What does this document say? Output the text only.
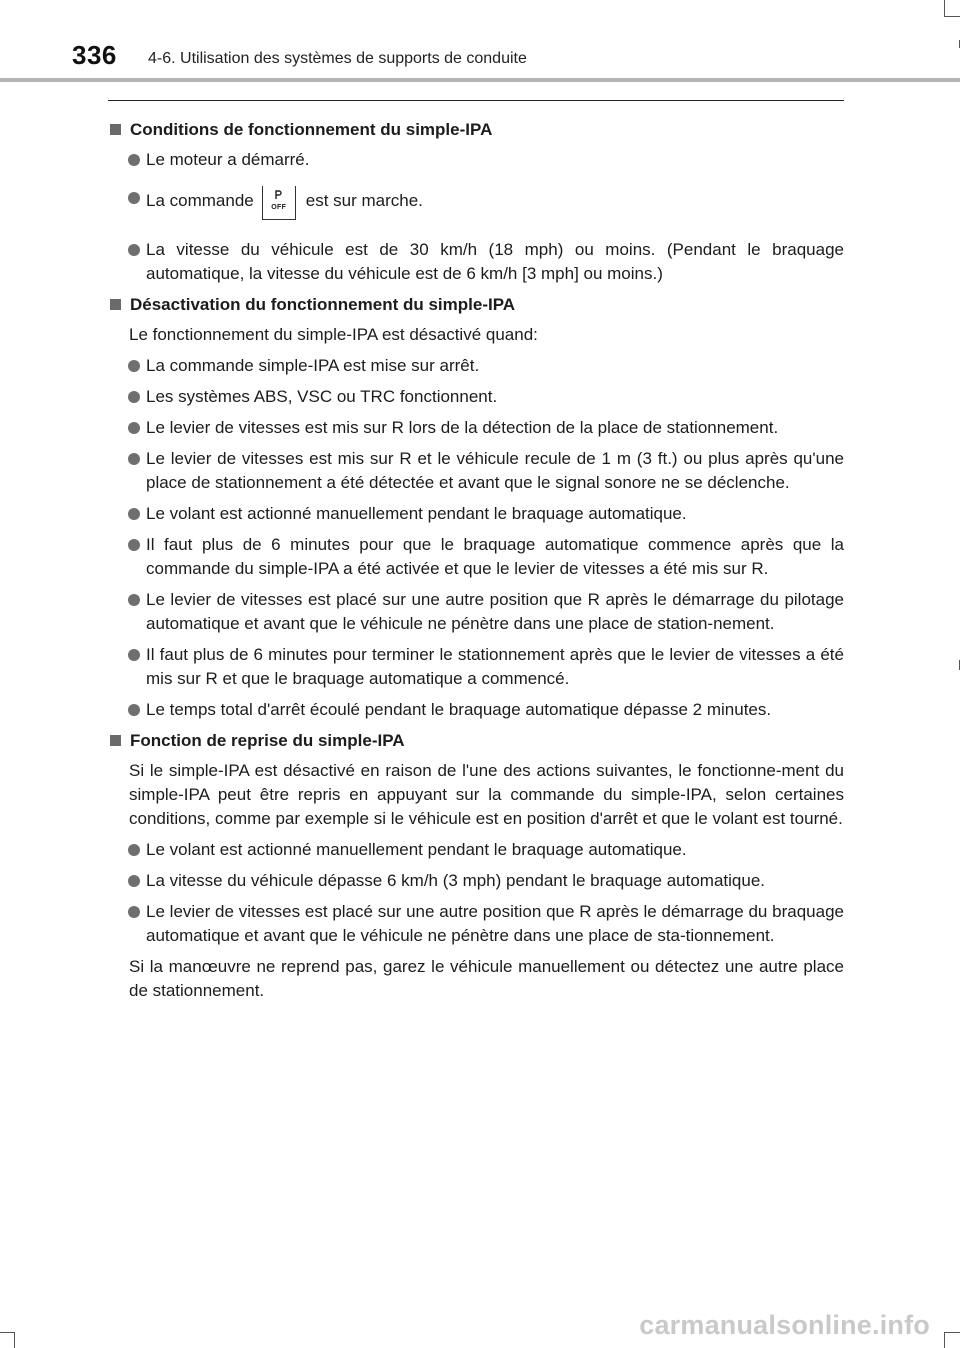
336 4-6. Utilisation des systèmes de supports de conduite
Conditions de fonctionnement du simple-IPA
Le moteur a démarré.
La commande	OFF	est sur marche.
La vitesse du véhicule est de 30 km/h (18 mph) ou moins. (Pendant le braquage automatique, la vitesse du véhicule est de 6 km/h [3 mph] ou moins.)
Désactivation du fonctionnement du simple-IPA
Le fonctionnement du simple-IPA est désactivé quand:
La commande simple-IPA est mise sur arrêt.
Les systèmes ABS, VSC ou TRC fonctionnent.
Le levier de vitesses est mis sur R lors de la détection de la place de stationnement.
Le levier de vitesses est mis sur R et le véhicule recule de 1 m (3 ft.) ou plus après qu'une place de stationnement a été détectée et avant que le signal sonore ne se déclenche.
Le volant est actionné manuellement pendant le braquage automatique.
Il faut plus de 6 minutes pour que le braquage automatique commence après que la commande du simple-IPA a été activée et que le levier de vitesses a été mis sur R.
Le levier de vitesses est placé sur une autre position que R après le démarrage du pilotage automatique et avant que le véhicule ne pénètre dans une place de station-nement.
Il faut plus de 6 minutes pour terminer le stationnement après que le levier de vitesses a été mis sur R et que le braquage automatique a commencé.
Le temps total d'arrêt écoulé pendant le braquage automatique dépasse 2 minutes.
Fonction de reprise du simple-IPA
Si le simple-IPA est désactivé en raison de l'une des actions suivantes, le fonctionne-ment du simple-IPA peut être repris en appuyant sur la commande du simple-IPA, selon certaines conditions, comme par exemple si le véhicule est en position d'arrêt et que le volant est tourné.
Le volant est actionné manuellement pendant le braquage automatique.
La vitesse du véhicule dépasse 6 km/h (3 mph) pendant le braquage automatique.
Le levier de vitesses est placé sur une autre position que R après le démarrage du braquage automatique et avant que le véhicule ne pénètre dans une place de sta-tionnement.
Si la manœuvre ne reprend pas, garez le véhicule manuellement ou détectez une autre place de stationnement.
carmanualsonline.info
